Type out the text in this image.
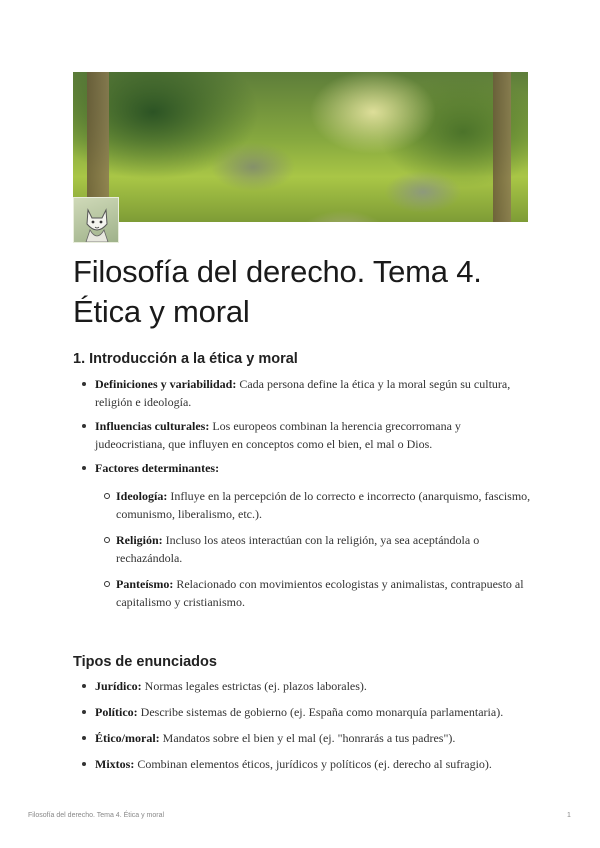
Filosofía del derecho. Tema 4. Ética y moral
1. Introducción a la ética y moral
Definiciones y variabilidad: Cada persona define la ética y la moral según su cultura, religión e ideología.
Influencias culturales: Los europeos combinan la herencia grecorromana y judeocristiana, que influyen en conceptos como el bien, el mal o Dios.
Factores determinantes:
Ideología: Influye en la percepción de lo correcto e incorrecto (anarquismo, fascismo, comunismo, liberalismo, etc.).
Religión: Incluso los ateos interactúan con la religión, ya sea aceptándola o rechazándola.
Panteísmo: Relacionado con movimientos ecologistas y animalistas, contrapuesto al capitalismo y cristianismo.
Tipos de enunciados
Jurídico: Normas legales estrictas (ej. plazos laborales).
Político: Describe sistemas de gobierno (ej. España como monarquía parlamentaria).
Ético/moral: Mandatos sobre el bien y el mal (ej. "honrarás a tus padres").
Mixtos: Combinan elementos éticos, jurídicos y políticos (ej. derecho al sufragio).
Filosofía del derecho. Tema 4. Ética y moral	1
